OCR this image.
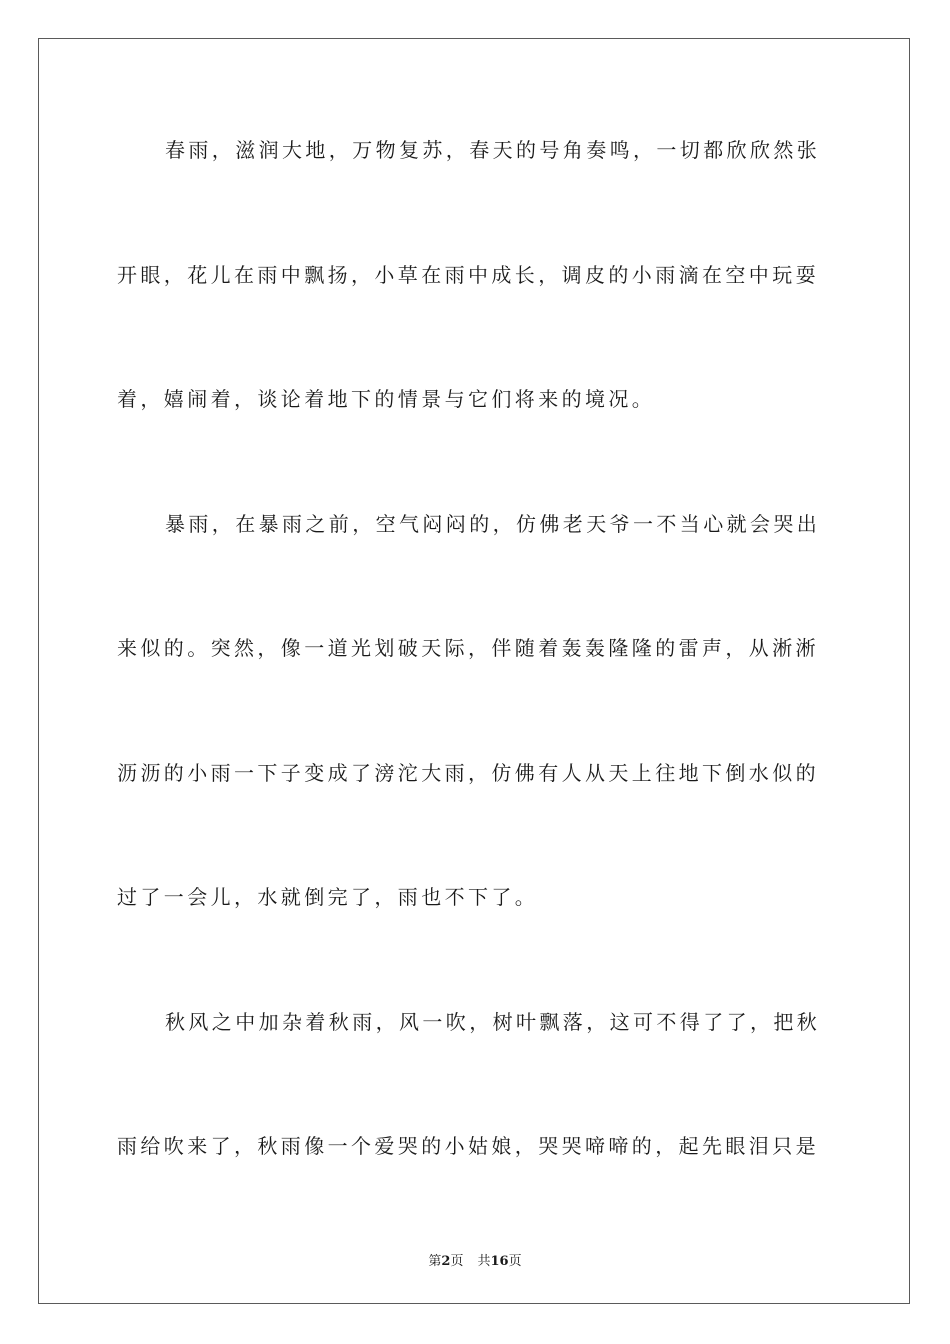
春雨，滋润大地，万物复苏，春天的号角奏鸣，一切都欣欣然张
开眼，花儿在雨中飘扬，小草在雨中成长，调皮的小雨滴在空中玩耍
着，嬉闹着，谈论着地下的情景与它们将来的境况。
暴雨，在暴雨之前，空气闷闷的，仿佛老天爷一不当心就会哭出
来似的。突然，像一道光划破天际，伴随着轰轰隆隆的雷声，从淅淅
沥沥的小雨一下子变成了滂沱大雨，仿佛有人从天上往地下倒水似的
过了一会儿，水就倒完了，雨也不下了。
秋风之中加杂着秋雨，风一吹，树叶飘落，这可不得了了，把秋
雨给吹来了，秋雨像一个爱哭的小姑娘，哭哭啼啼的，起先眼泪只是
第2页 共16页
